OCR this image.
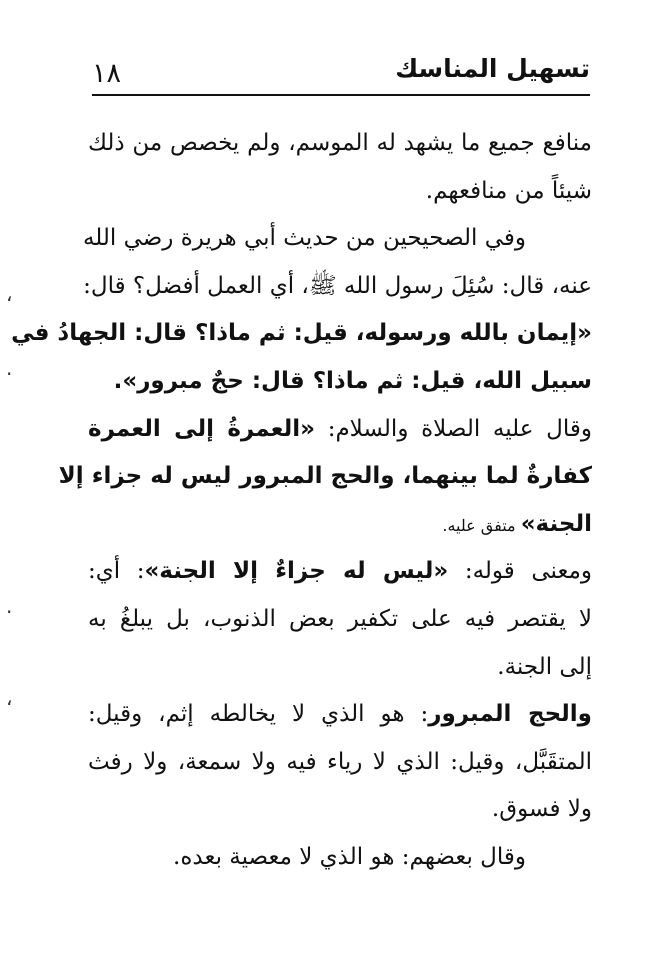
١٨	تسهيل المناسك
منافع جميع ما يشهد له الموسم، ولم يخصص من ذلك
شيئاً من منافعهم.
وفي الصحيحين من حديث أبي هريرة رضي الله
عنه، قال: سُئِلَ رسول الله ﷺ، أي العمل أفضل؟ قال:
«إيمان بالله ورسوله، قيل: ثم ماذا؟ قال: الجهادُ في
سبيل الله، قيل: ثم ماذا؟ قال: حجٌ مبرور».
وقال عليه الصلاة والسلام: «العمرةُ إلى العمرة
كفارةٌ لما بينهما، والحج المبرور ليس له جزاء إلا
الجنة» متفق عليه.
ومعنى قوله: «ليس له جزاءٌ إلا الجنة»: أي:
لا يقتصر فيه على تكفير بعض الذنوب، بل يبلغُ به
إلى الجنة.
والحج المبرور: هو الذي لا يخالطه إثم، وقيل:
المتقَبَّل، وقيل: الذي لا رياء فيه ولا سمعة، ولا رفث
ولا فسوق.
وقال بعضهم: هو الذي لا معصية بعده.
،
·
·
،
